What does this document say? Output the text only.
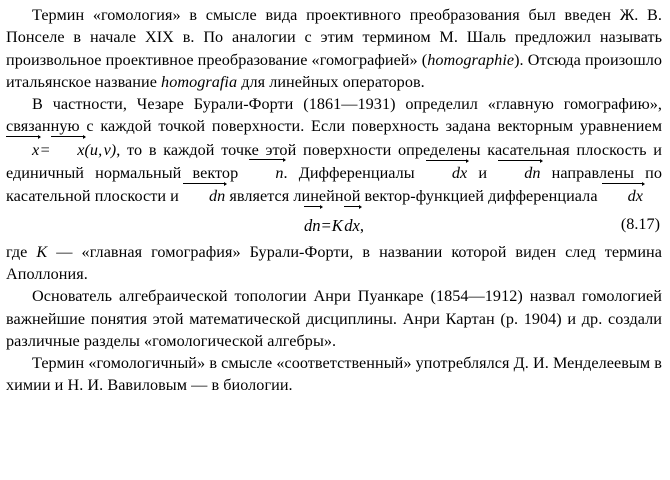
Термин «гомология» в смысле вида проективного преобразования был введен Ж. В. Понселе в начале XIX в. По аналогии с этим термином М. Шаль предложил называть произвольное проективное преобразование «гомографией» (homographie). Отсюда произошло итальянское название homografia для линейных операторов.

В частности, Чезаре Бурали-Форти (1861—1931) определил «главную гомографию», связанную с каждой точкой поверхности. Если поверхность задана векторным уравнением x = x(u, v), то в каждой точке этой поверхности определены касательная плоскость и единичный нормальный вектор n. Дифференциалы dx и dn направлены по касательной плоскости и dn является линейной вектор-функцией дифференциала dx

dn=K dx,	(8.17)

где K — «главная гомография» Бурали-Форти, в названии которой виден след термина Аполлония.

Основатель алгебраической топологии Анри Пуанкаре (1854—1912) назвал гомологией важнейшие понятия этой математической дисциплины. Анри Картан (р. 1904) и др. создали различные разделы «гомологической алгебры».

Термин «гомологичный» в смысле «соответственный» употреблялся Д. И. Менделеевым в химии и Н. И. Вавиловым — в биологии.
